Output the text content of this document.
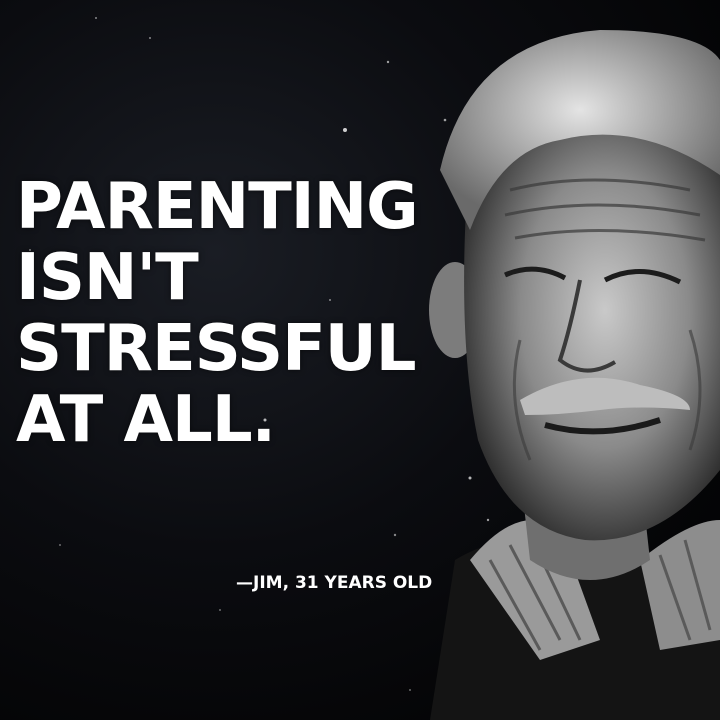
PARENTING
ISN'T
STRESSFUL
AT ALL.
—JIM, 31 YEARS OLD
